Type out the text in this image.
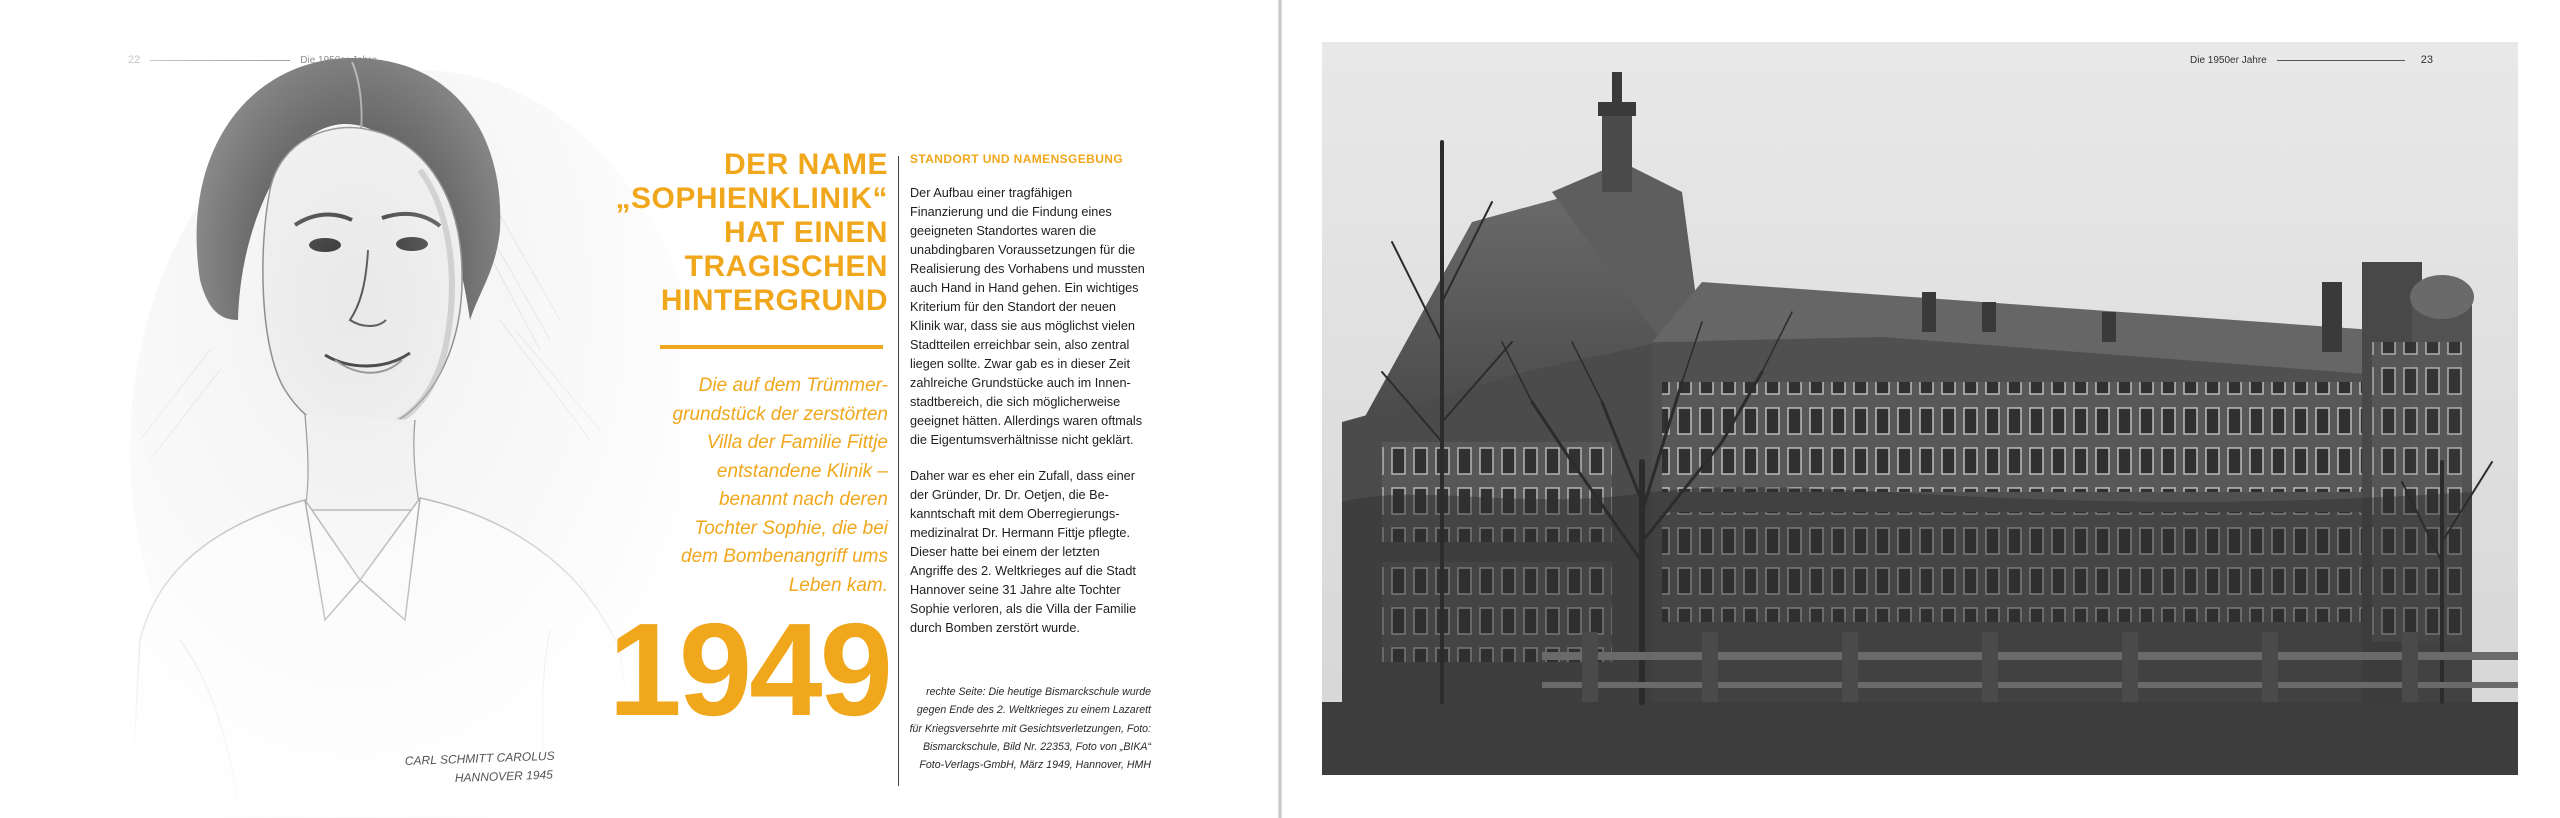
CARL SCHMITT CAROLUS
HANNOVER 1945
DER NAME
„SOPHIENKLINIK“
HAT EINEN
TRAGISCHEN
HINTERGRUND
Die auf dem Trümmer-
grundstück der zerstörten
Villa der Familie Fittje
entstandene Klinik –
benannt nach deren
Tochter Sophie, die bei
dem Bombenangriff ums
Leben kam.
1949
STANDORT UND NAMENSGEBUNG

Der Aufbau einer tragfähigen
Finanzierung und die Findung eines
geeigneten Standortes waren die
unabdingbaren Voraussetzungen für die
Realisierung des Vorhabens und mussten
auch Hand in Hand gehen. Ein wichtiges
Kriterium für den Standort der neuen
Klinik war, dass sie aus möglichst vielen
Stadtteilen erreichbar sein, also zentral
liegen sollte. Zwar gab es in dieser Zeit
zahlreiche Grundstücke auch im Innen-
stadtbereich, die sich möglicherweise
geeignet hätten. Allerdings waren oftmals
die Eigentumsverhältnisse nicht geklärt.

Daher war es eher ein Zufall, dass einer
der Gründer, Dr. Dr. Oetjen, die Be-
kanntschaft mit dem Oberregierungs-
medizinalrat Dr. Hermann Fittje pflegte.
Dieser hatte bei einem der letzten
Angriffe des 2. Weltkrieges auf die Stadt
Hannover seine 31 Jahre alte Tochter
Sophie verloren, als die Villa der Familie
durch Bomben zerstört wurde.

rechte Seite: Die heutige Bismarckschule wurde
gegen Ende des 2. Weltkrieges zu einem Lazarett
für Kriegsversehrte mit Gesichtsverletzungen, Foto:
Bismarckschule, Bild Nr. 22353, Foto von „BIKA“
Foto-Verlags-GmbH, März 1949, Hannover, HMH
Die 1950er Jahre	23
